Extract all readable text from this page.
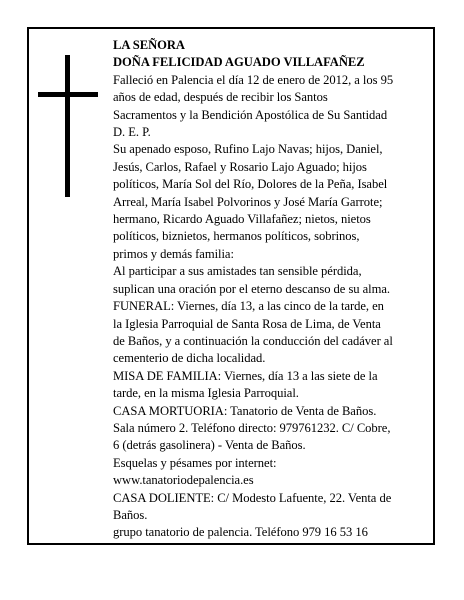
LA SEÑORA
DOÑA FELICIDAD AGUADO VILLAFAÑEZ
Falleció en Palencia el día 12 de enero de 2012, a los 95
años de edad, después de recibir los Santos
Sacramentos y la Bendición Apostólica de Su Santidad
D. E. P.
Su apenado esposo, Rufino Lajo Navas; hijos, Daniel,
Jesús, Carlos, Rafael y Rosario Lajo Aguado; hijos
políticos, María Sol del Río, Dolores de la Peña, Isabel
Arreal, María Isabel Polvorinos y José María Garrote;
hermano, Ricardo Aguado Villafañez; nietos, nietos
políticos, biznietos, hermanos políticos, sobrinos,
primos y demás familia:
Al participar a sus amistades tan sensible pérdida,
suplican una oración por el eterno descanso de su alma.
FUNERAL: Viernes, día 13, a las cinco de la tarde, en
la Iglesia Parroquial de Santa Rosa de Lima, de Venta
de Baños, y a continuación la conducción del cadáver al
cementerio de dicha localidad.
MISA DE FAMILIA: Viernes, día 13 a las siete de la
tarde, en la misma Iglesia Parroquial.
CASA MORTUORIA: Tanatorio de Venta de Baños.
Sala número 2. Teléfono directo: 979761232. C/ Cobre,
6 (detrás gasolinera) - Venta de Baños.
Esquelas y pésames por internet:
www.tanatoriodepalencia.es
CASA DOLIENTE: C/ Modesto Lafuente, 22. Venta de
Baños.
grupo tanatorio de palencia. Teléfono 979 16 53 16
